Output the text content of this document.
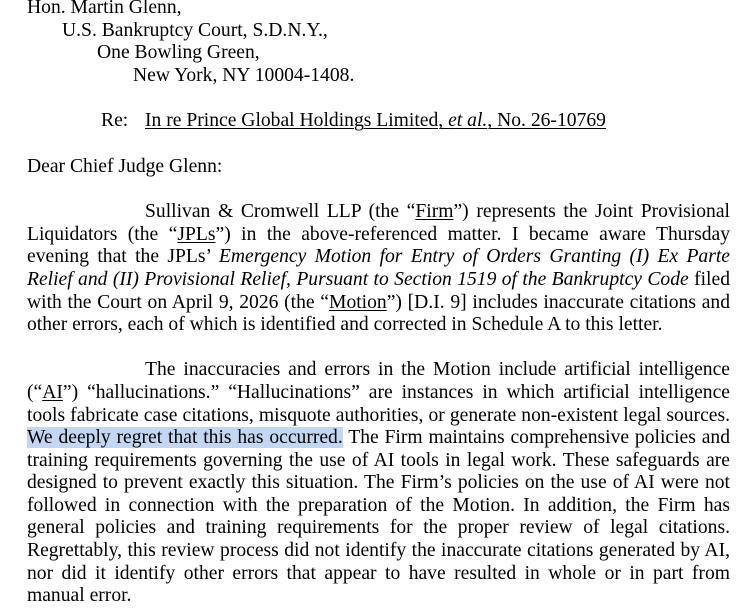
Hon. Martin Glenn,
U.S. Bankruptcy Court, S.D.N.Y.,
One Bowling Green,
New York, NY 10004-1408.
Re: In re Prince Global Holdings Limited, et al., No. 26-10769
Dear Chief Judge Glenn:

Sullivan & Cromwell LLP (the “Firm”) represents the Joint Provisional Liquidators (the “JPLs”) in the above-referenced matter. I became aware Thursday evening that the JPLs’ Emergency Motion for Entry of Orders Granting (I) Ex Parte Relief and (II) Provisional Relief, Pursuant to Section 1519 of the Bankruptcy Code filed with the Court on April 9, 2026 (the “Motion”) [D.I. 9] includes inaccurate citations and other errors, each of which is identified and corrected in Schedule A to this letter.

The inaccuracies and errors in the Motion include artificial intelligence (“AI”) “hallucinations.” “Hallucinations” are instances in which artificial intelligence tools fabricate case citations, misquote authorities, or generate non-existent legal sources. We deeply regret that this has occurred. The Firm maintains comprehensive policies and training requirements governing the use of AI tools in legal work. These safeguards are designed to prevent exactly this situation. The Firm’s policies on the use of AI were not followed in connection with the preparation of the Motion. In addition, the Firm has general policies and training requirements for the proper review of legal citations. Regrettably, this review process did not identify the inaccurate citations generated by AI, nor did it identify other errors that appear to have resulted in whole or in part from manual error.
